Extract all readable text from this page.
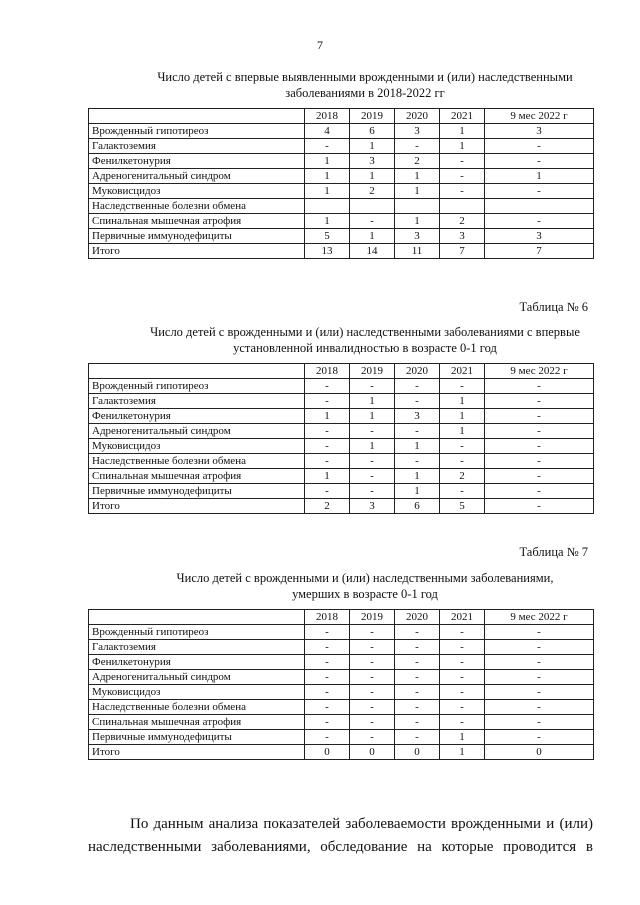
7
Число детей с впервые выявленными врожденными и (или) наследственными
заболеваниями в 2018-2022 гг
	2018	2019	2020	2021	9 мес 2022 г
Врожденный гипотиреоз	4	6	3	1	3
Галактоземия	-	1	-	1	-
Фенилкетонурия	1	3	2	-	-
Адреногенитальный синдром	1	1	1	-	1
Муковисцидоз	1	2	1	-	-
Наследственные болезни обмена					
Спинальная мышечная атрофия	1	-	1	2	-
Первичные иммунодефициты	5	1	3	3	3
Итого	13	14	11	7	7
Таблица № 6
Число детей с врожденными и (или) наследственными заболеваниями с впервые
установленной инвалидностью в возрасте 0-1 год
	2018	2019	2020	2021	9 мес 2022 г
Врожденный гипотиреоз	-	-	-	-	-
Галактоземия	-	1	-	1	-
Фенилкетонурия	1	1	3	1	-
Адреногенитальный синдром	-	-	-	1	-
Муковисцидоз	-	1	1	-	-
Наследственные болезни обмена	-	-	-	-	-
Спинальная мышечная атрофия	1	-	1	2	-
Первичные иммунодефициты	-	-	1	-	-
Итого	2	3	6	5	-
Таблица № 7
Число детей с врожденными и (или) наследственными заболеваниями,
умерших в возрасте 0-1 год
	2018	2019	2020	2021	9 мес 2022 г
Врожденный гипотиреоз	-	-	-	-	-
Галактоземия	-	-	-	-	-
Фенилкетонурия	-	-	-	-	-
Адреногенитальный синдром	-	-	-	-	-
Муковисцидоз	-	-	-	-	-
Наследственные болезни обмена	-	-	-	-	-
Спинальная мышечная атрофия	-	-	-	-	-
Первичные иммунодефициты	-	-	-	1	-
Итого	0	0	0	1	0

По данным анализа показателей заболеваемости врожденными и (или) наследственными заболеваниями, обследование на которые проводится в
